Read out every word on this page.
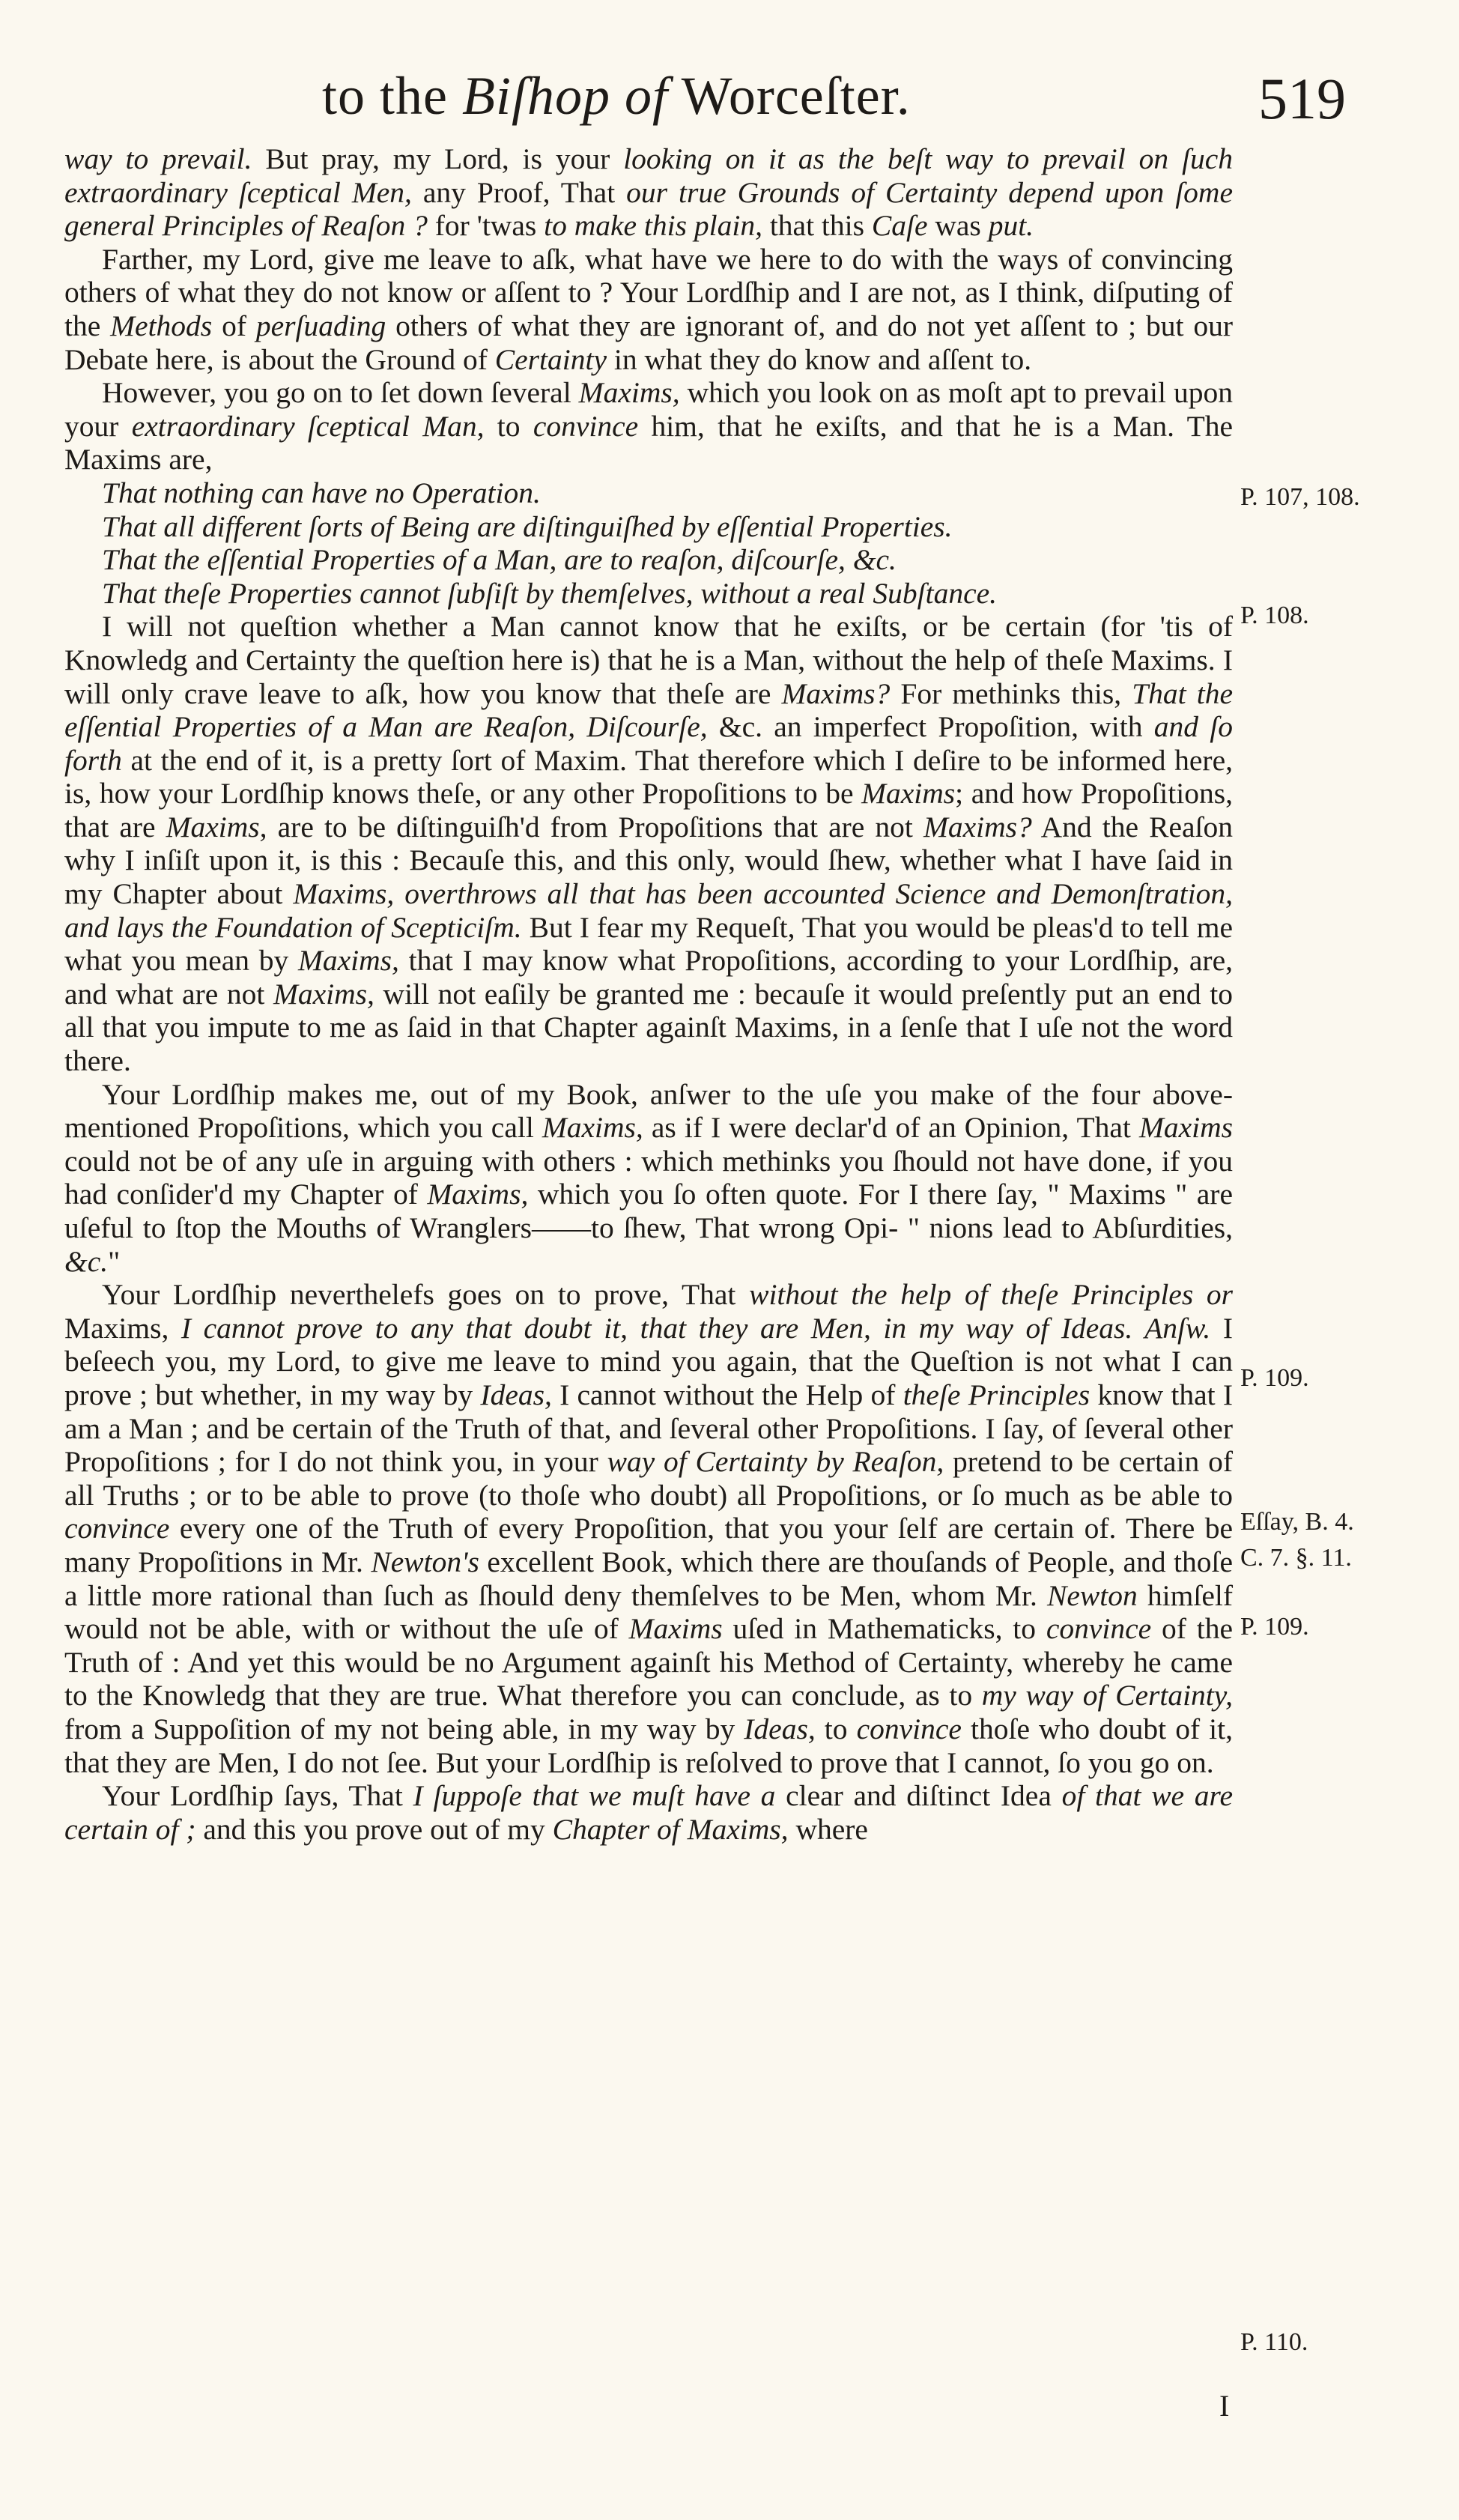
to the Biſhop of Worceſter.	519

way to prevail. But pray, my Lord, is your looking on it as the beſt way to prevail on ſuch extraordinary ſceptical Men, any Proof, That our true Grounds of Certainty depend upon ſome general Principles of Reaſon ? for 'twas to make this plain, that this Caſe was put.

Farther, my Lord, give me leave to aſk, what have we here to do with the ways of convincing others of what they do not know or aſſent to ? Your Lordſhip and I are not, as I think, diſputing of the Methods of perſuading others of what they are ignorant of, and do not yet aſſent to ; but our Debate here, is about the Ground of Certainty in what they do know and aſſent to.

However, you go on to ſet down ſeveral Maxims, which you look on as moſt apt to prevail upon your extraordinary ſceptical Man, to convince him, that he exiſts, and that he is a Man. The Maxims are,

That nothing can have no Operation.

That all different ſorts of Being are diſtinguiſhed by eſſential Properties.

That the eſſential Properties of a Man, are to reaſon, diſcourſe, &c.

That theſe Properties cannot ſubſiſt by themſelves, without a real Subſtance.

I will not queſtion whether a Man cannot know that he exiſts, or be certain (for 'tis of Knowledg and Certainty the queſtion here is) that he is a Man, without the help of theſe Maxims. I will only crave leave to aſk, how you know that theſe are Maxims? For methinks this, That the eſſential Properties of a Man are Reaſon, Diſcourſe, &c. an imperfect Propoſition, with and ſo forth at the end of it, is a pretty ſort of Maxim. That therefore which I deſire to be informed here, is, how your Lordſhip knows theſe, or any other Propoſitions to be Maxims; and how Propoſitions, that are Maxims, are to be diſtinguiſh'd from Propoſitions that are not Maxims? And the Reaſon why I inſiſt upon it, is this : Becauſe this, and this only, would ſhew, whether what I have ſaid in my Chapter about Maxims, overthrows all that has been accounted Science and Demonſtration, and lays the Foundation of Scepticiſm. But I fear my Requeſt, That you would be pleas'd to tell me what you mean by Maxims, that I may know what Propoſitions, according to your Lordſhip, are, and what are not Maxims, will not eaſily be granted me : becauſe it would preſently put an end to all that you impute to me as ſaid in that Chapter againſt Maxims, in a ſenſe that I uſe not the word there.

Your Lordſhip makes me, out of my Book, anſwer to the uſe you make of the four above-mentioned Propoſitions, which you call Maxims, as if I were declar'd of an Opinion, That Maxims could not be of any uſe in arguing with others : which methinks you ſhould not have done, if you had conſider'd my Chapter of Maxims, which you ſo often quote. For I there ſay, " Maxims " are uſeful to ſtop the Mouths of Wranglers——to ſhew, That wrong Opi- " nions lead to Abſurdities, &c."

Your Lordſhip neverthelefs goes on to prove, That without the help of theſe Principles or Maxims, I cannot prove to any that doubt it, that they are Men, in my way of Ideas. Anſw. I beſeech you, my Lord, to give me leave to mind you again, that the Queſtion is not what I can prove ; but whether, in my way by Ideas, I cannot without the Help of theſe Principles know that I am a Man ; and be certain of the Truth of that, and ſeveral other Propoſitions. I ſay, of ſeveral other Propoſitions ; for I do not think you, in your way of Certainty by Reaſon, pretend to be certain of all Truths ; or to be able to prove (to thoſe who doubt) all Propoſitions, or ſo much as be able to convince every one of the Truth of every Propoſition, that you your ſelf are certain of. There be many Propoſitions in Mr. Newton's excellent Book, which there are thouſands of People, and thoſe a little more rational than ſuch as ſhould deny themſelves to be Men, whom Mr. Newton himſelf would not be able, with or without the uſe of Maxims uſed in Mathematicks, to convince of the Truth of : And yet this would be no Argument againſt his Method of Certainty, whereby he came to the Knowledg that they are true. What therefore you can conclude, as to my way of Certainty, from a Suppoſition of my not being able, in my way by Ideas, to convince thoſe who doubt of it, that they are Men, I do not ſee. But your Lordſhip is reſolved to prove that I cannot, ſo you go on.

Your Lordſhip ſays, That I ſuppoſe that we muſt have a clear and diſtinct Idea of that we are certain of ; and this you prove out of my Chapter of Maxims, where

P. 107, 108.
P. 108.
P. 109.
Eſſay, B. 4.
C. 7. §. 11.
P. 109.
P. 110.
I
